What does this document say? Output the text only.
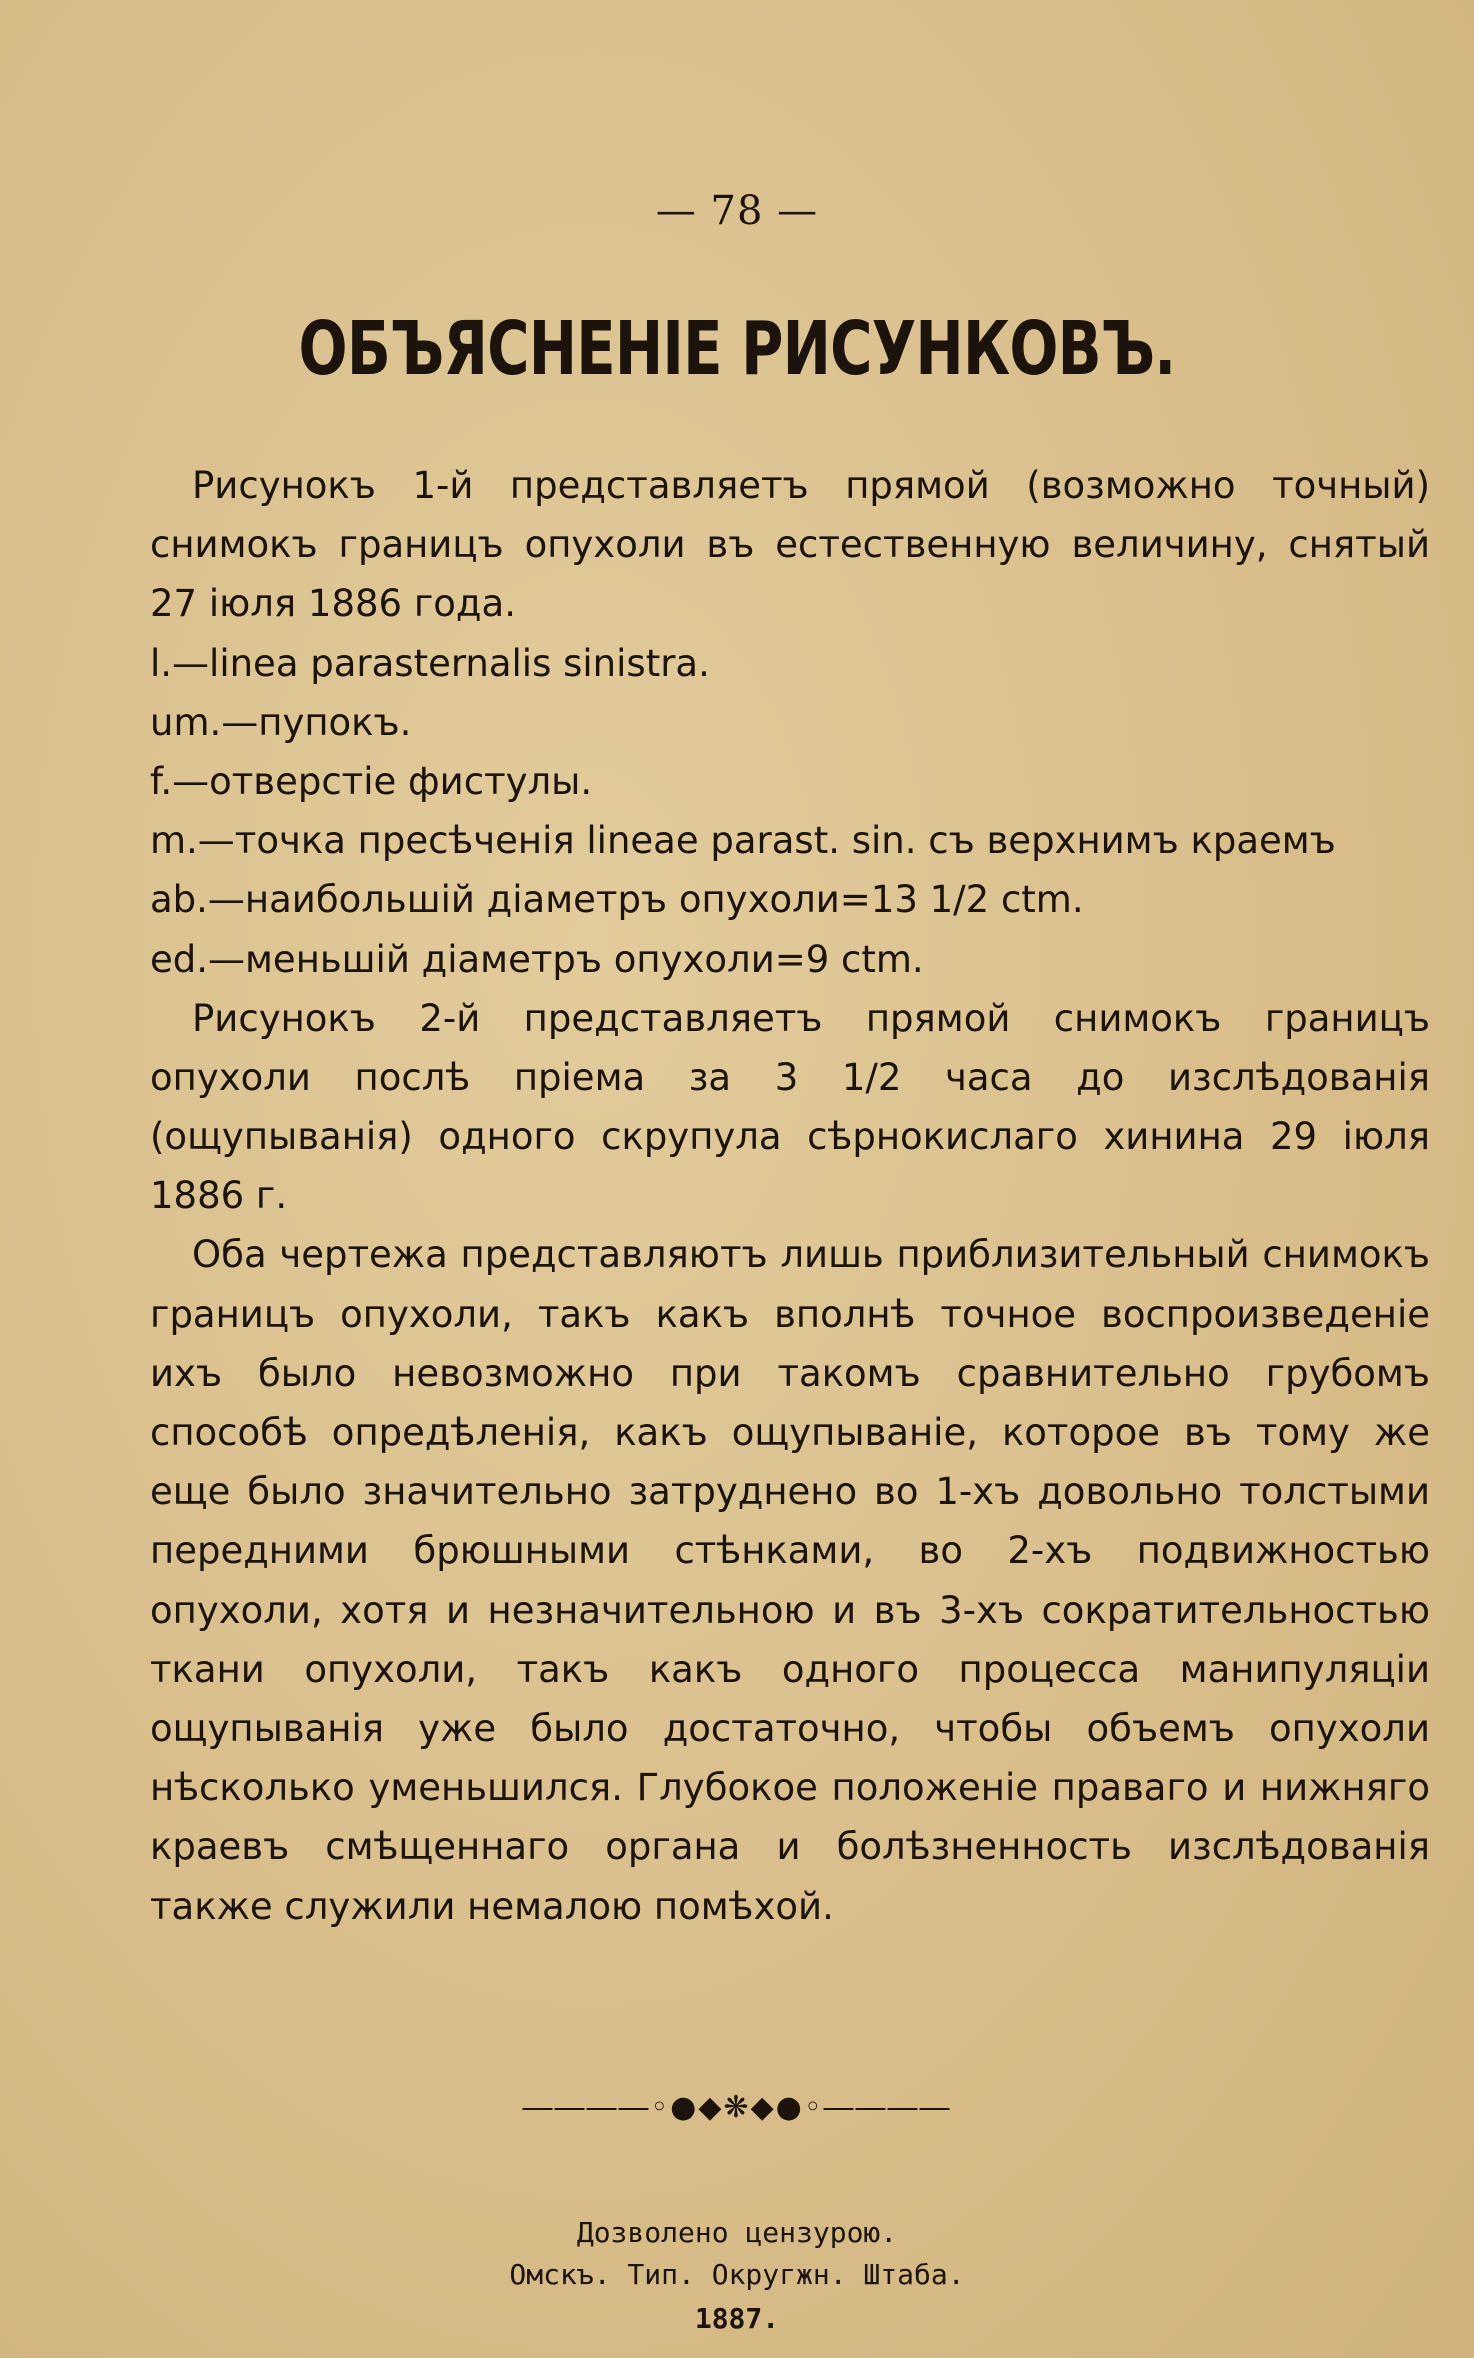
— 78 —
ОБЪЯСНЕНІЕ РИСУНКОВЪ.

Рисунокъ 1-й представляетъ прямой (возможно точный) снимокъ границъ опухоли въ естественную величину, снятый 27 іюля 1886 года.

l.—linea parasternalis sinistra.

um.—пупокъ.

f.—отверстіе фистулы.

m.—точка пресѣченія lineae parast. sin. съ верхнимъ краемъ

ab.—наибольшій діаметръ опухоли=13 1/2 ctm.

ed.—меньшій діаметръ опухоли=9 ctm.

Рисунокъ 2-й представляетъ прямой снимокъ границъ опухоли послѣ пріема за 3 1/2 часа до изслѣдованія (ощупыванія) одного скрупула сѣрнокислаго хинина 29 іюля 1886 г.

Оба чертежа представляютъ лишь приблизительный снимокъ границъ опухоли, такъ какъ вполнѣ точное воспроизведеніе ихъ было невозможно при такомъ сравнительно грубомъ способѣ опредѣленія, какъ ощупываніе, которое въ тому же еще было значительно затруднено во 1-хъ довольно толстыми передними брюшными стѣнками, во 2-хъ подвижностью опухоли, хотя и незначительною и въ 3-хъ сократительностью ткани опухоли, такъ какъ одного процесса манипуляціи ощупыванія уже было достаточно, чтобы объемъ опухоли нѣсколько уменьшился. Глубокое положеніе праваго и нижняго краевъ смѣщеннаго органа и болѣзненность изслѣдованія также служили немалою помѣхой.

――――◦●◆❋◆●◦――――
Дозволено цензурою.
Омскъ. Тип. Округжн. Штаба.
1887.
